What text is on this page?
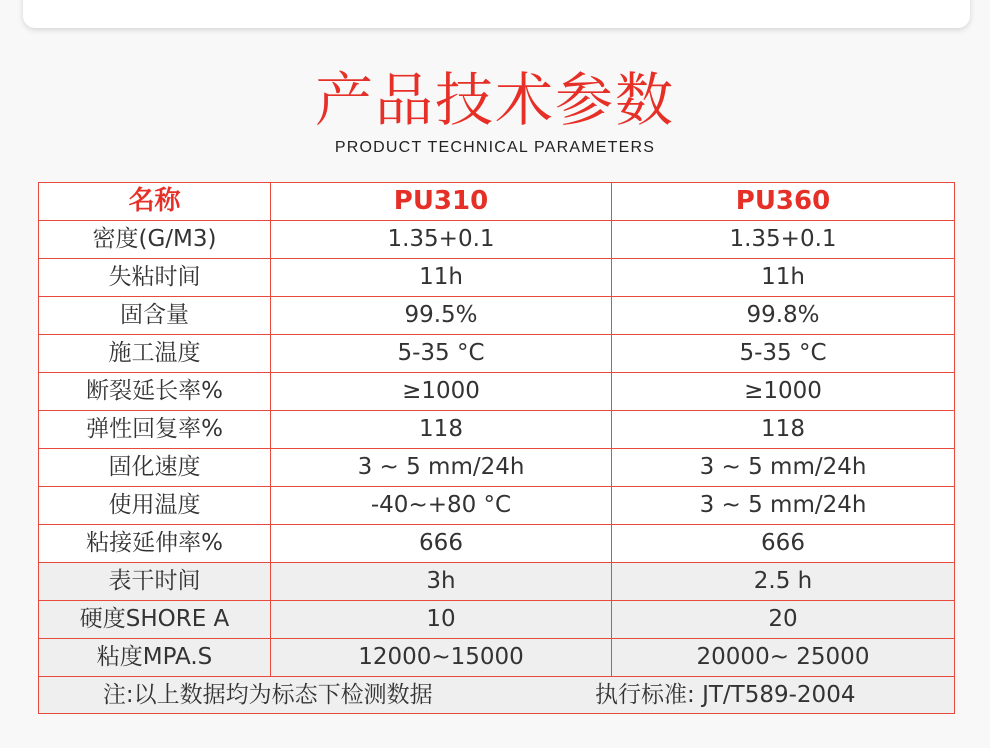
产品技术参数
PRODUCT TECHNICAL PARAMETERS
名称	PU310	PU360
密度(G/M3)	1.35+0.1	1.35+0.1
失粘时间	11h	11h
固含量	99.5%	99.8%
施工温度	5-35 °C	5-35 °C
断裂延长率%	≥1000	≥1000
弹性回复率%	118	118
固化速度	3 ~ 5 mm/24h	3 ~ 5 mm/24h
使用温度	-40~+80 °C	3 ~ 5 mm/24h
粘接延伸率%	666	666
表干时间	3h	2.5 h
硬度SHORE A	10	20
粘度MPA.S	12000~15000	20000~ 25000
注:以上数据均为标态下检测数据 执行标准: JT/T589-2004		
